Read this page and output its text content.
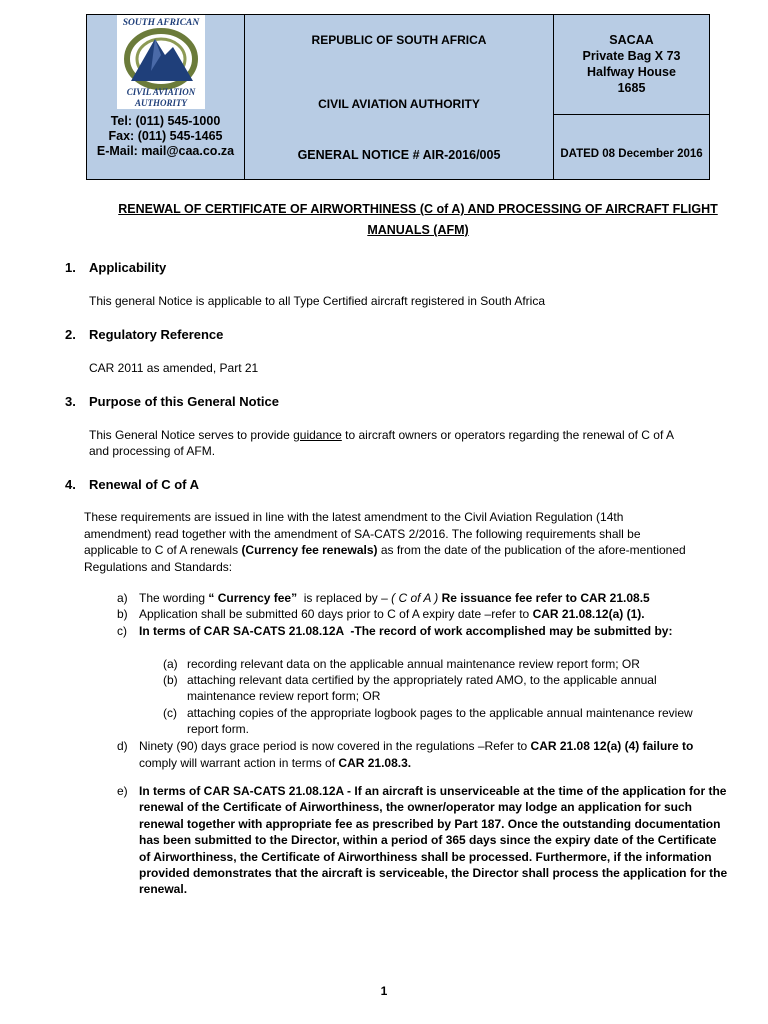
SOUTH AFRICAN
CIVIL AVIATION
AUTHORITY
Tel: (011) 545-1000
Fax: (011) 545-1465
E-Mail: mail@caa.co.za
REPUBLIC OF SOUTH AFRICA
CIVIL AVIATION AUTHORITY
GENERAL NOTICE # AIR-2016/005
SACAA
Private Bag X 73
Halfway House
1685
DATED 08 December 2016
RENEWAL OF CERTIFICATE OF AIRWORTHINESS (C of A) AND PROCESSING OF AIRCRAFT FLIGHT
MANUALS (AFM)
1. Applicability
This general Notice is applicable to all Type Certified aircraft registered in South Africa
2. Regulatory Reference
CAR 2011 as amended, Part 21
3. Purpose of this General Notice
This General Notice serves to provide guidance to aircraft owners or operators regarding the renewal of C of A
and processing of AFM.
4. Renewal of C of A
These requirements are issued in line with the latest amendment to the Civil Aviation Regulation (14th
amendment) read together with the amendment of SA-CATS 2/2016. The following requirements shall be
applicable to C of A renewals (Currency fee renewals) as from the date of the publication of the afore-mentioned
Regulations and Standards:
a) The wording “ Currency fee”  is replaced by – ( C of A ) Re issuance fee refer to CAR 21.08.5
b) Application shall be submitted 60 days prior to C of A expiry date –refer to CAR 21.08.12(a) (1).
c) In terms of CAR SA-CATS 21.08.12A  -The record of work accomplished may be submitted by:
(a) recording relevant data on the applicable annual maintenance review report form; OR
(b) attaching relevant data certified by the appropriately rated AMO, to the applicable annual
maintenance review report form; OR
(c) attaching copies of the appropriate logbook pages to the applicable annual maintenance review
report form.
d) Ninety (90) days grace period is now covered in the regulations –Refer to CAR 21.08 12(a) (4) failure to
comply will warrant action in terms of CAR 21.08.3.
e) In terms of CAR SA-CATS 21.08.12A - If an aircraft is unserviceable at the time of the application for the
renewal of the Certificate of Airworthiness, the owner/operator may lodge an application for such
renewal together with appropriate fee as prescribed by Part 187. Once the outstanding documentation
has been submitted to the Director, within a period of 365 days since the expiry date of the Certificate
of Airworthiness, the Certificate of Airworthiness shall be processed. Furthermore, if the information
provided demonstrates that the aircraft is serviceable, the Director shall process the application for the
renewal.
1
